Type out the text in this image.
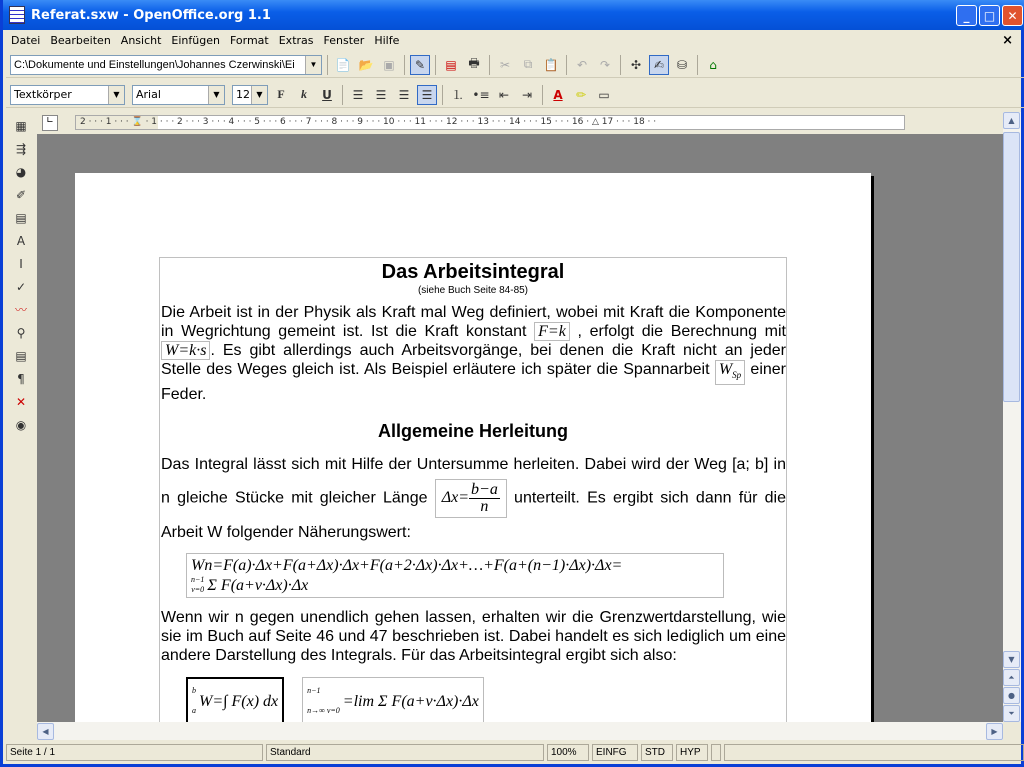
Referat.sxw - OpenOffice.org 1.1	_	□	✕
Datei Bearbeiten Ansicht Einfügen Format Extras Fenster Hilfe	×
C:\Dokumente und Einstellungen\Johannes Czerwinski\Ei	▼ 📄 📂 ▣	✎	▤ 🖶	✂	⧉ 📋	↶	↷	✣	✍	⛁	⌂
Textkörper	▼	Arial	▼	12 ▼	F	k	U	☰	☰	☰	☰	⒈ •≡ ⇤	⇥	A	✏	▭
▦
⇶
◕
✐
▤
A
I
✓
〰
⚲
▤
¶
✕
◉
∟	2 · · · 1 · · · ⌛ · 1 · · · 2 · · · 3 · · · 4 · · · 5 · · · 6 · · · 7 · · · 8 · · · 9 · · · 10 · · · 11 · · · 12 · · · 13 · · · 14 · · · 15 · · · 16 · △ 17 · · · 18 · ·
Das Arbeitsintegral
(siehe Buch Seite 84-85)

Die Arbeit ist in der Physik als Kraft mal Weg definiert, wobei mit Kraft die Komponente in Wegrichtung gemeint ist. Ist die Kraft konstant F=k , erfolgt die Berechnung mit W=k·s . Es gibt allerdings auch Arbeitsvorgänge, bei denen die Kraft nicht an jeder Stelle des Weges gleich ist. Als Beispiel erläutere ich später die Spannarbeit $W_{Sp}$ einer Feder.

Allgemeine Herleitung

Das Integral lässt sich mit Hilfe der Untersumme herleiten. Dabei wird der Weg [a; b] in n gleiche Stücke mit gleicher Länge $\Delta x= \frac{b-a}{n}$ unterteilt. Es ergibt sich dann für die Arbeit W folgender Näherungswert:

Wn=F(a)·Δx+F(a+Δx)·Δx+F(a+2·Δx)·Δx+…+F(a+(n−1)·Δx)·Δx=
n−1
ν=0 Σ F(a+ν·Δx)·Δx

Wenn wir n gegen unendlich gehen lassen, erhalten wir die Grenzwertdarstellung, wie sie im Buch auf Seite 46 und 47 beschrieben ist. Dabei handelt es sich lediglich um eine andere Darstellung des Integrals. Für das Arbeitsintegral ergibt sich also:

b
a
W=∫ F(x) dx
n−1
n→∞ ν=0
=lim Σ F(a+ν·Δx)·Δx
▲
▼
⏶
●
⏷
◀	▶
Seite 1 / 1	Standard	100%	EINFG	STD	HYP
